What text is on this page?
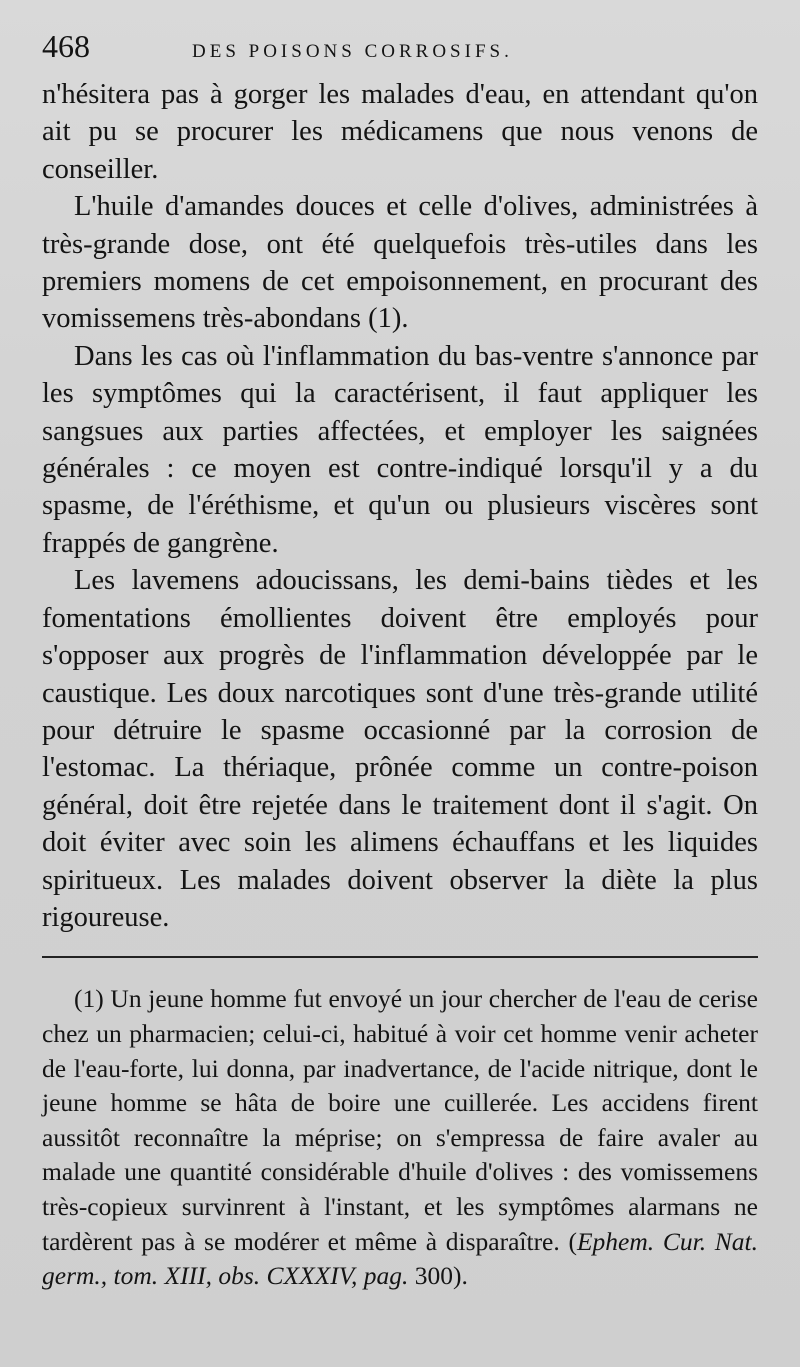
468	DES POISONS CORROSIFS.

n'hésitera pas à gorger les malades d'eau, en attendant qu'on ait pu se procurer les médicamens que nous venons de conseiller.

L'huile d'amandes douces et celle d'olives, administrées à très-grande dose, ont été quelquefois très-utiles dans les premiers momens de cet empoisonnement, en procurant des vomissemens très-abondans (1).

Dans les cas où l'inflammation du bas-ventre s'annonce par les symptômes qui la caractérisent, il faut appliquer les sangsues aux parties affectées, et employer les saignées générales : ce moyen est contre-indiqué lorsqu'il y a du spasme, de l'éréthisme, et qu'un ou plusieurs viscères sont frappés de gangrène.

Les lavemens adoucissans, les demi-bains tièdes et les fomentations émollientes doivent être employés pour s'opposer aux progrès de l'inflammation développée par le caustique. Les doux narcotiques sont d'une très-grande utilité pour détruire le spasme occasionné par la corrosion de l'estomac. La thériaque, prônée comme un contre-poison général, doit être rejetée dans le traitement dont il s'agit. On doit éviter avec soin les alimens échauffans et les liquides spiritueux. Les malades doivent observer la diète la plus rigoureuse.

(1) Un jeune homme fut envoyé un jour chercher de l'eau de cerise chez un pharmacien; celui-ci, habitué à voir cet homme venir acheter de l'eau-forte, lui donna, par inadvertance, de l'acide nitrique, dont le jeune homme se hâta de boire une cuillerée. Les accidens firent aussitôt reconnaître la méprise; on s'empressa de faire avaler au malade une quantité considérable d'huile d'olives : des vomissemens très-copieux survinrent à l'instant, et les symptômes alarmans ne tardèrent pas à se modérer et même à disparaître. (Ephem. Cur. Nat. germ., tom. XIII, obs. CXXXIV, pag. 300).
